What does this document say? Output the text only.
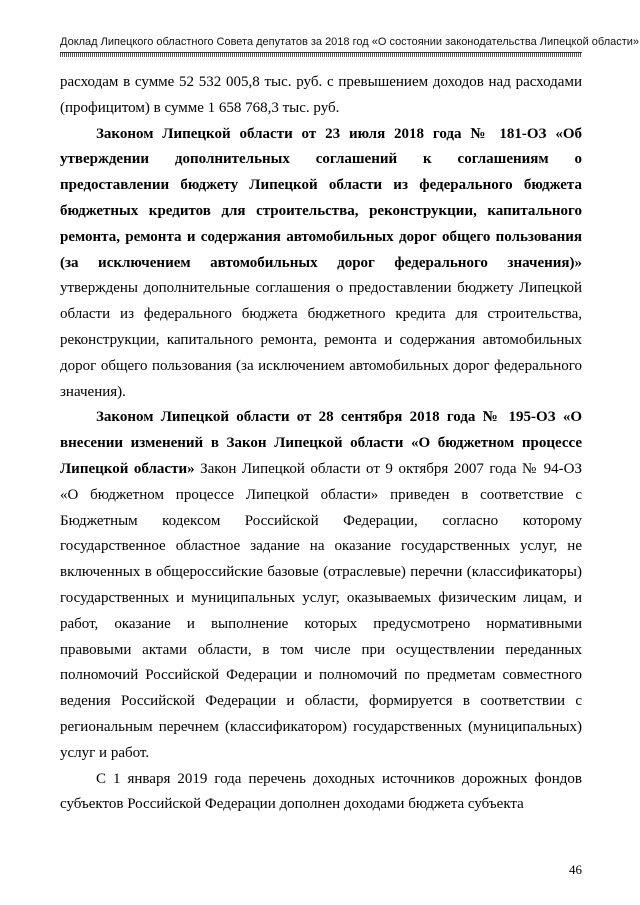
Доклад Липецкого областного Совета депутатов за 2018 год «О состоянии законодательства Липецкой области»

расходам в сумме 52 532 005,8 тыс. руб. с превышением доходов над расходами (профицитом) в сумме 1 658 768,3 тыс. руб.

Законом Липецкой области от 23 июля 2018 года № 181-ОЗ «Об утверждении дополнительных соглашений к соглашениям о предоставлении бюджету Липецкой области из федерального бюджета бюджетных кредитов для строительства, реконструкции, капитального ремонта, ремонта и содержания автомобильных дорог общего пользования (за исключением автомобильных дорог федерального значения)» утверждены дополнительные соглашения о предоставлении бюджету Липецкой области из федерального бюджета бюджетного кредита для строительства, реконструкции, капитального ремонта, ремонта и содержания автомобильных дорог общего пользования (за исключением автомобильных дорог федерального значения).

Законом Липецкой области от 28 сентября 2018 года № 195-ОЗ «О внесении изменений в Закон Липецкой области «О бюджетном процессе Липецкой области» Закон Липецкой области от 9 октября 2007 года № 94-ОЗ «О бюджетном процессе Липецкой области» приведен в соответствие с Бюджетным кодексом Российской Федерации, согласно которому государственное областное задание на оказание государственных услуг, не включенных в общероссийские базовые (отраслевые) перечни (классификаторы) государственных и муниципальных услуг, оказываемых физическим лицам, и работ, оказание и выполнение которых предусмотрено нормативными правовыми актами области, в том числе при осуществлении переданных полномочий Российской Федерации и полномочий по предметам совместного ведения Российской Федерации и области, формируется в соответствии с региональным перечнем (классификатором) государственных (муниципальных) услуг и работ.

С 1 января 2019 года перечень доходных источников дорожных фондов субъектов Российской Федерации дополнен доходами бюджета субъекта

46
